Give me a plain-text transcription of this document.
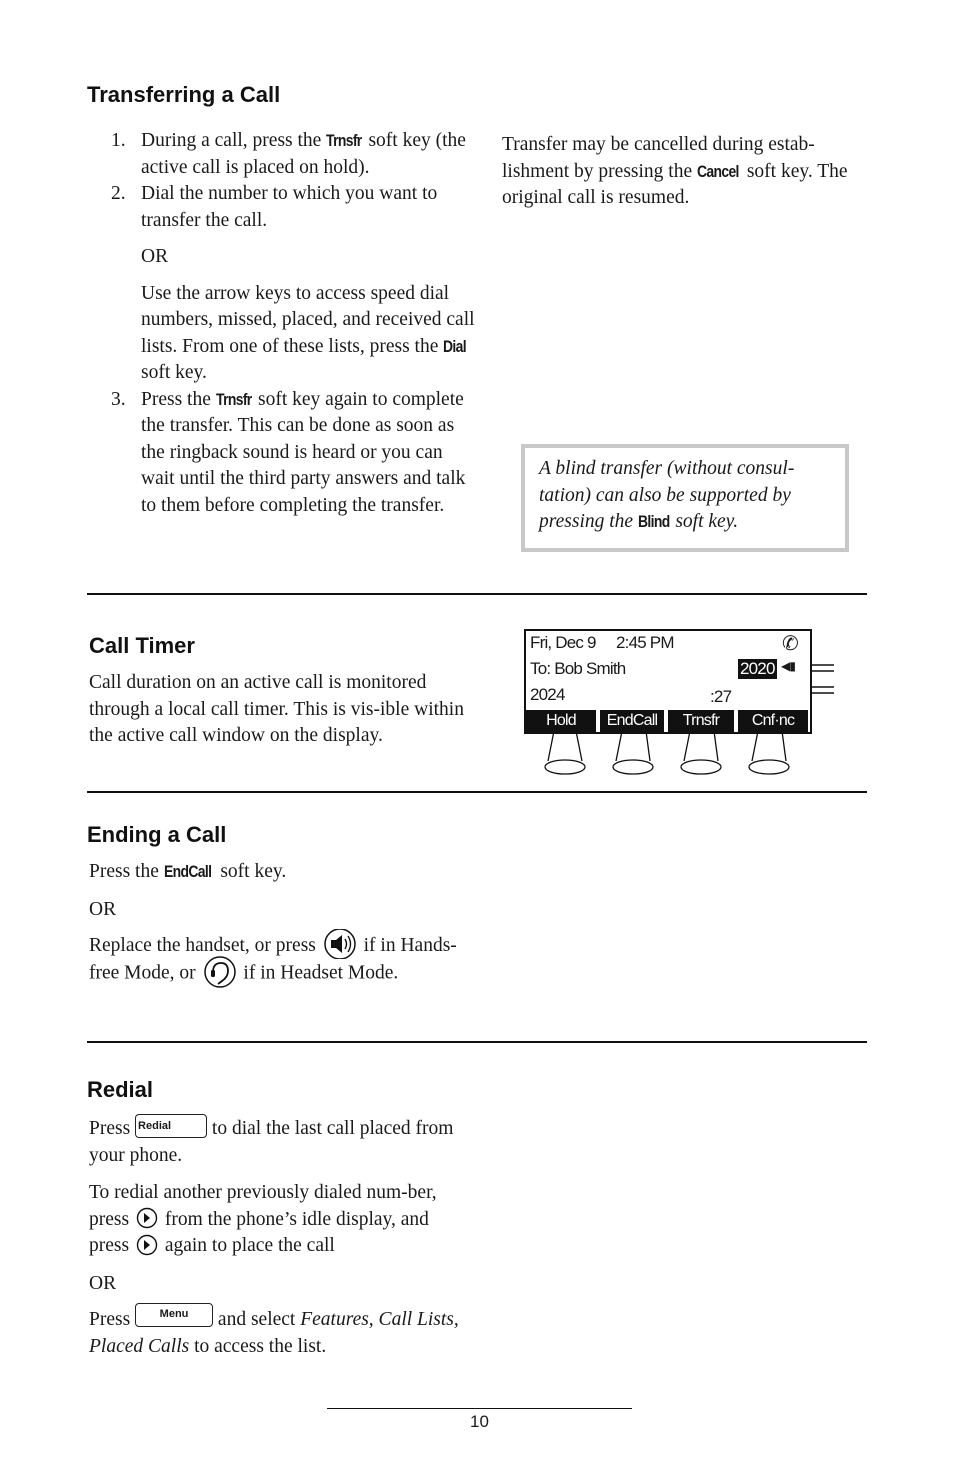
Transferring a Call
1. During a call, press the Trnsfr soft key (the active call is placed on hold).
2. Dial the number to which you want to transfer the call.
OR
Use the arrow keys to access speed dial numbers, missed, placed, and received call lists. From one of these lists, press the Dial soft key.
3. Press the Trnsfr soft key again to complete the transfer. This can be done as soon as the ringback sound is heard or you can wait until the third party answers and talk to them before completing the transfer.
Transfer may be cancelled during estab-lishment by pressing the Cancel soft key. The original call is resumed.
A blind transfer (without consul-tation) can also be supported by pressing the Blind soft key.
Call Timer
Call duration on an active call is monitored through a local call timer. This is vis-ible within the active call window on the display.
Fri, Dec 9 2:45 PM	✆
To: Bob Smith	2020 ◀▮
2024	:27
Hold	EndCall	Trnsfr	Cnf·nc
Ending a Call
Press the EndCall soft key.
OR
Replace the handset, or press  if in Hands-free Mode, or  if in Headset Mode.
Redial
Press Redial to dial the last call placed from your phone.
To redial another previously dialed num-ber, press  from the phone’s idle display, and press  again to place the call
OR
Press Menu and select Features, Call Lists, Placed Calls to access the list.
10
